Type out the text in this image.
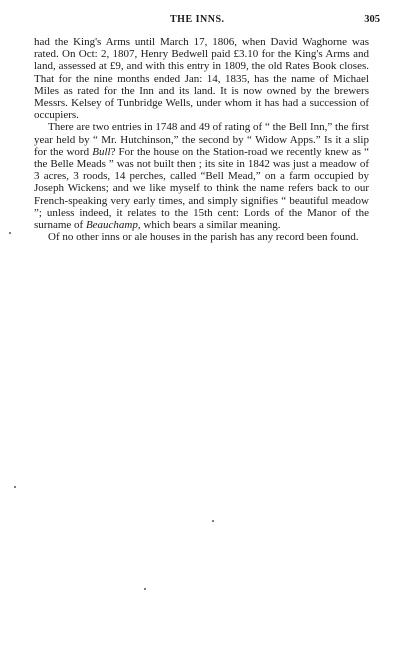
THE INNS.	305

had the King's Arms until March 17, 1806, when David Waghorne was rated. On Oct: 2, 1807, Henry Bedwell paid £3.10 for the King's Arms and land, assessed at £9, and with this entry in 1809, the old Rates Book closes. That for the nine months ended Jan: 14, 1835, has the name of Michael Miles as rated for the Inn and its land. It is now owned by the brewers Messrs. Kelsey of Tunbridge Wells, under whom it has had a succession of occupiers.

There are two entries in 1748 and 49 of rating of “ the Bell Inn,” the first year held by “ Mr. Hutchinson,” the second by “ Widow Apps.” Is it a slip for the word Bull? For the house on the Station-road we recently knew as “ the Belle Meads ” was not built then ; its site in 1842 was just a meadow of 3 acres, 3 roods, 14 perches, called “Bell Mead,” on a farm occupied by Joseph Wickens; and we like myself to think the name refers back to our French-speaking very early times, and simply signifies “ beautiful meadow ”; unless indeed, it relates to the 15th cent: Lords of the Manor of the surname of Beauchamp, which bears a similar meaning.

Of no other inns or ale houses in the parish has any record been found.
